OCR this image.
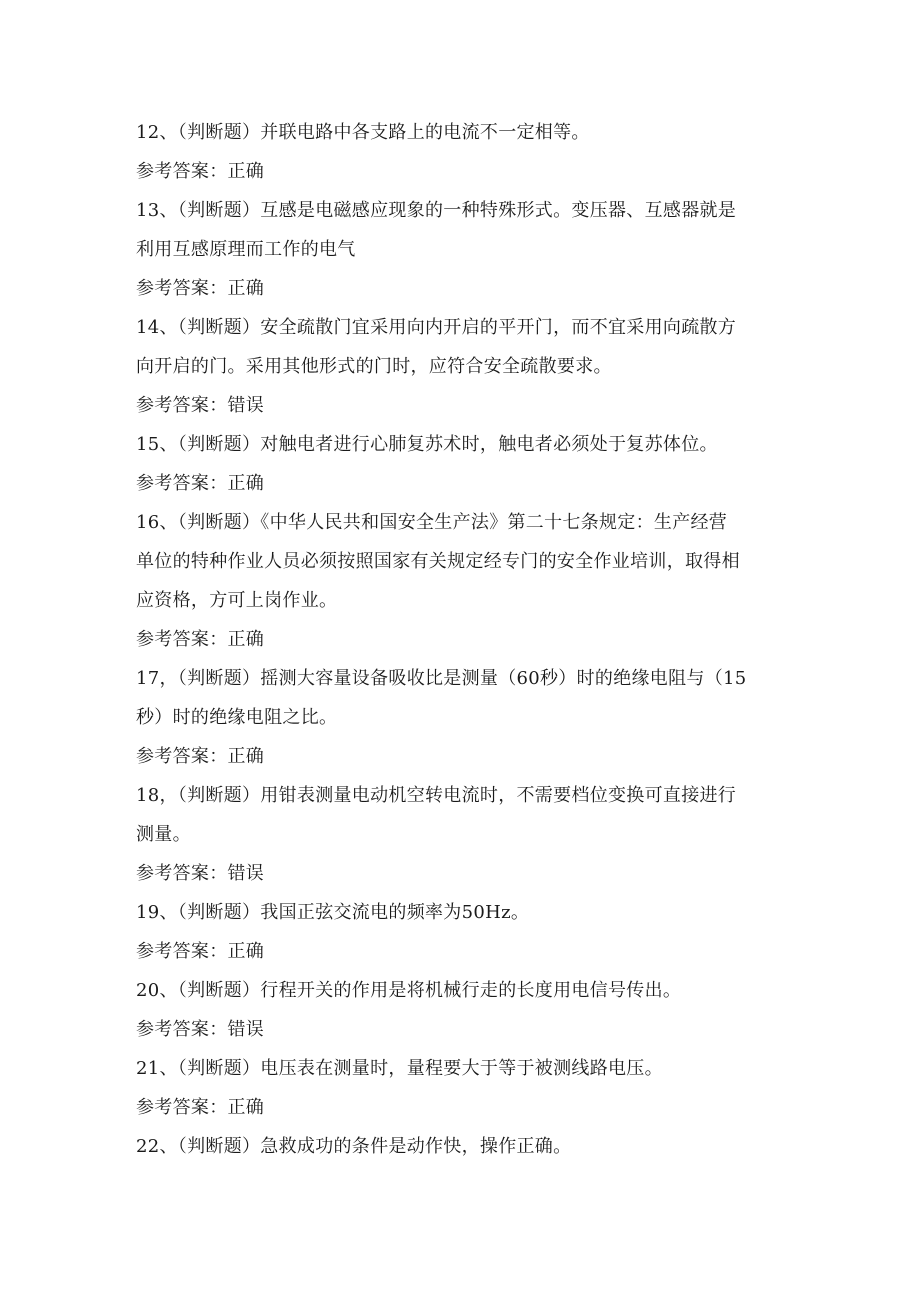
12、（判断题）并联电路中各支路上的电流不一定相等。
参考答案：正确
13、（判断题）互感是电磁感应现象的一种特殊形式。变压器、互感器就是
利用互感原理而工作的电气
参考答案：正确
14、（判断题）安全疏散门宜采用向内开启的平开门，而不宜采用向疏散方
向开启的门。采用其他形式的门时，应符合安全疏散要求。
参考答案：错误
15、（判断题）对触电者进行心肺复苏术时，触电者必须处于复苏体位。
参考答案：正确
16、（判断题）《中华人民共和国安全生产法》第二十七条规定：生产经营
单位的特种作业人员必须按照国家有关规定经专门的安全作业培训，取得相
应资格，方可上岗作业。
参考答案：正确
17，（判断题）摇测大容量设备吸收比是测量（60秒）时的绝缘电阻与（15
秒）时的绝缘电阻之比。
参考答案：正确
18，（判断题）用钳表测量电动机空转电流时，不需要档位变换可直接进行
测量。
参考答案：错误
19、（判断题）我国正弦交流电的频率为50Hz。
参考答案：正确
20、（判断题）行程开关的作用是将机械行走的长度用电信号传出。
参考答案：错误
21、（判断题）电压表在测量时，量程要大于等于被测线路电压。
参考答案：正确
22、（判断题）急救成功的条件是动作快，操作正确。
